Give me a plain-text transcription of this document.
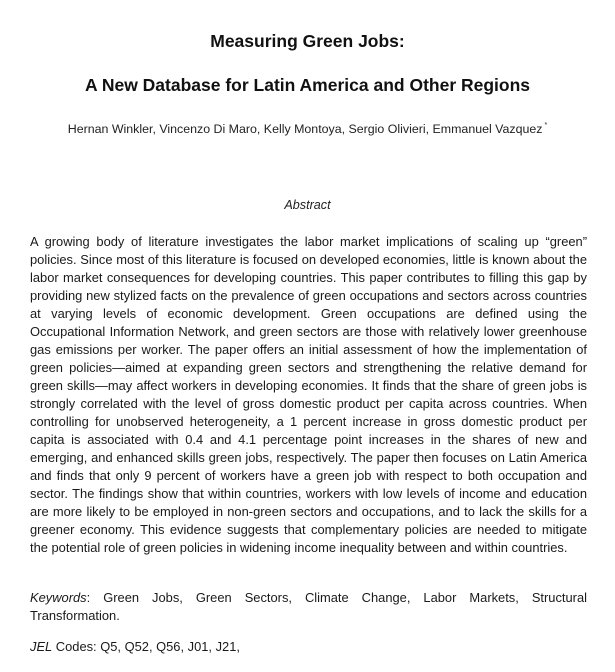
Measuring Green Jobs:
A New Database for Latin America and Other Regions
Hernan Winkler, Vincenzo Di Maro, Kelly Montoya, Sergio Olivieri, Emmanuel Vazquez *
Abstract

A growing body of literature investigates the labor market implications of scaling up “green” policies. Since most of this literature is focused on developed economies, little is known about the labor market consequences for developing countries. This paper contributes to filling this gap by providing new stylized facts on the prevalence of green occupations and sectors across countries at varying levels of economic development. Green occupations are defined using the Occupational Information Network, and green sectors are those with relatively lower greenhouse gas emissions per worker. The paper offers an initial assessment of how the implementation of green policies—aimed at expanding green sectors and strengthening the relative demand for green skills—may affect workers in developing economies. It finds that the share of green jobs is strongly correlated with the level of gross domestic product per capita across countries. When controlling for unobserved heterogeneity, a 1 percent increase in gross domestic product per capita is associated with 0.4 and 4.1 percentage point increases in the shares of new and emerging, and enhanced skills green jobs, respectively. The paper then focuses on Latin America and finds that only 9 percent of workers have a green job with respect to both occupation and sector. The findings show that within countries, workers with low levels of income and education are more likely to be employed in non-green sectors and occupations, and to lack the skills for a greener economy. This evidence suggests that complementary policies are needed to mitigate the potential role of green policies in widening income inequality between and within countries.

Keywords: Green Jobs, Green Sectors, Climate Change, Labor Markets, Structural Transformation.

JEL Codes: Q5, Q52, Q56, J01, J21,
